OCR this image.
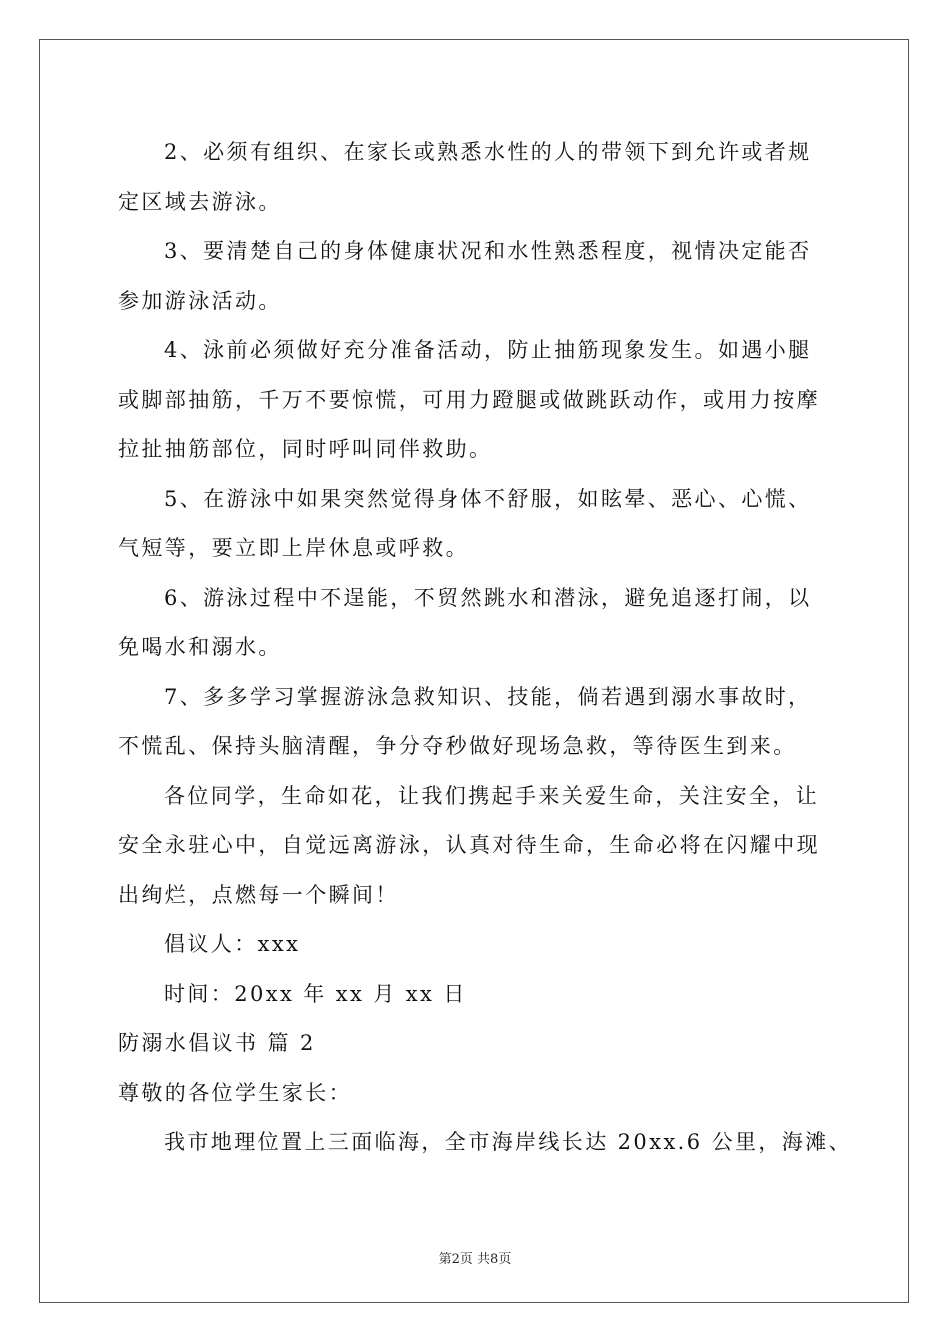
2、必须有组织、在家长或熟悉水性的人的带领下到允许或者规
定区域去游泳。

3、要清楚自己的身体健康状况和水性熟悉程度，视情决定能否
参加游泳活动。

4、泳前必须做好充分准备活动，防止抽筋现象发生。如遇小腿
或脚部抽筋，千万不要惊慌，可用力蹬腿或做跳跃动作，或用力按摩
拉扯抽筋部位，同时呼叫同伴救助。

5、在游泳中如果突然觉得身体不舒服，如眩晕、恶心、心慌、
气短等，要立即上岸休息或呼救。

6、游泳过程中不逞能，不贸然跳水和潜泳，避免追逐打闹，以
免喝水和溺水。

7、多多学习掌握游泳急救知识、技能，倘若遇到溺水事故时，
不慌乱、保持头脑清醒，争分夺秒做好现场急救，等待医生到来。

各位同学，生命如花，让我们携起手来关爱生命，关注安全，让
安全永驻心中，自觉远离游泳，认真对待生命，生命必将在闪耀中现
出绚烂，点燃每一个瞬间！

倡议人：xxx

时间：20xx 年 xx 月 xx 日

防溺水倡议书 篇 2

尊敬的各位学生家长：

我市地理位置上三面临海，全市海岸线长达 20xx.6 公里，海滩、

第2页 共8页
